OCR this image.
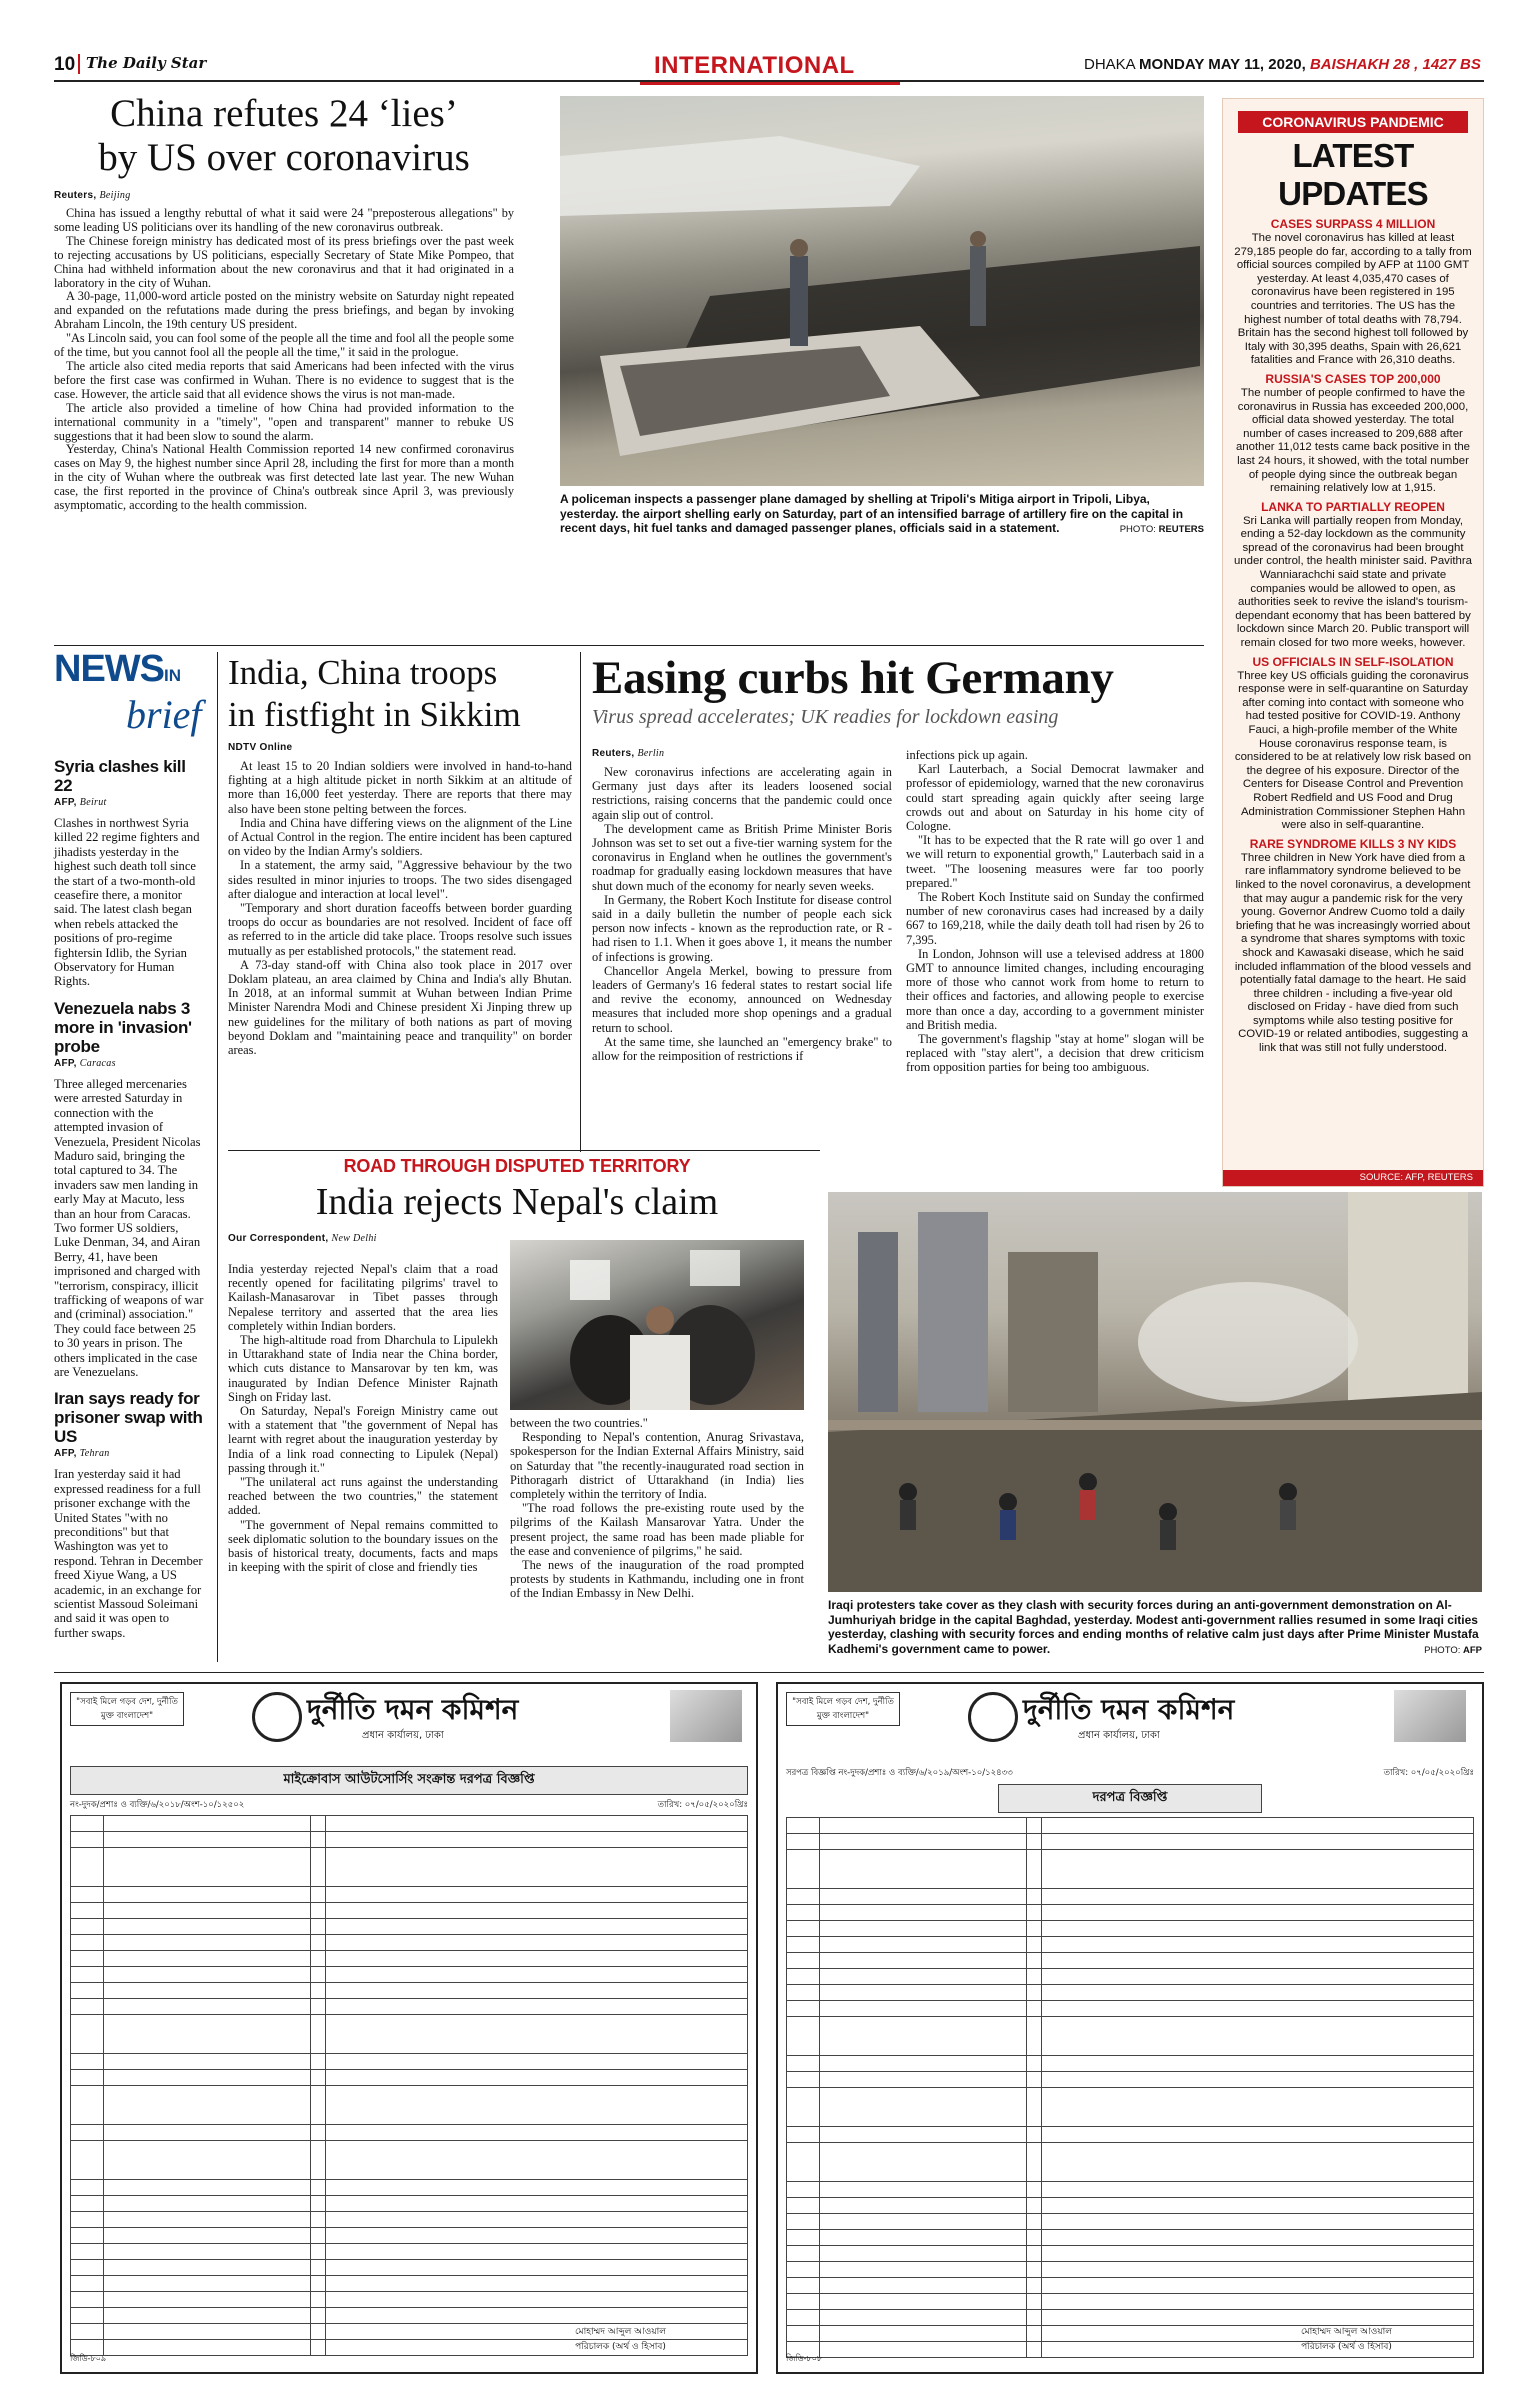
10 The Daily Star	INTERNATIONAL	DHAKA MONDAY MAY 11, 2020, BAISHAKH 28 , 1427 BS
China refutes 24 ‘lies’
by US over coronavirus
Reuters, Beijing

China has issued a lengthy rebuttal of what it said were 24 "preposterous allegations" by some leading US politicians over its handling of the new coronavirus outbreak.

The Chinese foreign ministry has dedicated most of its press briefings over the past week to rejecting accusations by US politicians, especially Secretary of State Mike Pompeo, that China had withheld information about the new coronavirus and that it had originated in a laboratory in the city of Wuhan.

A 30-page, 11,000-word article posted on the ministry website on Saturday night repeated and expanded on the refutations made during the press briefings, and began by invoking Abraham Lincoln, the 19th century US president.

"As Lincoln said, you can fool some of the people all the time and fool all the people some of the time, but you cannot fool all the people all the time," it said in the prologue.

The article also cited media reports that said Americans had been infected with the virus before the first case was confirmed in Wuhan. There is no evidence to suggest that is the case. However, the article said that all evidence shows the virus is not man-made.

The article also provided a timeline of how China had provided information to the international community in a "timely", "open and transparent" manner to rebuke US suggestions that it had been slow to sound the alarm.

Yesterday, China's National Health Commission reported 14 new confirmed coronavirus cases on May 9, the highest number since April 28, including the first for more than a month in the city of Wuhan where the outbreak was first detected late last year. The new Wuhan case, the first reported in the province of China's outbreak since April 3, was previously asymptomatic, according to the health commission.	A policeman inspects a passenger plane damaged by shelling at Tripoli's Mitiga airport in Tripoli, Libya, yesterday. the airport shelling early on Saturday, part of an intensified barrage of artillery fire on the capital in recent days, hit fuel tanks and damaged passenger planes, officials said in a statement.	PHOTO: REUTERS
CORONAVIRUS PANDEMIC
LATEST UPDATES
CASES SURPASS 4 MILLION

The novel coronavirus has killed at least 279,185 people do far, according to a tally from official sources compiled by AFP at 1100 GMT yesterday. At least 4,035,470 cases of coronavirus have been registered in 195 countries and territories. The US has the highest number of total deaths with 78,794. Britain has the second highest toll followed by Italy with 30,395 deaths, Spain with 26,621 fatalities and France with 26,310 deaths.

RUSSIA'S CASES TOP 200,000

The number of people confirmed to have the coronavirus in Russia has exceeded 200,000, official data showed yesterday. The total number of cases increased to 209,688 after another 11,012 tests came back positive in the last 24 hours, it showed, with the total number of people dying since the outbreak began remaining relatively low at 1,915.

LANKA TO PARTIALLY REOPEN

Sri Lanka will partially reopen from Monday, ending a 52-day lockdown as the community spread of the coronavirus had been brought under control, the health minister said. Pavithra Wanniarachchi said state and private companies would be allowed to open, as authorities seek to revive the island's tourism-dependant economy that has been battered by lockdown since March 20. Public transport will remain closed for two more weeks, however.

US OFFICIALS IN SELF-ISOLATION

Three key US officials guiding the coronavirus response were in self-quarantine on Saturday after coming into contact with someone who had tested positive for COVID-19. Anthony Fauci, a high-profile member of the White House coronavirus response team, is considered to be at relatively low risk based on the degree of his exposure. Director of the Centers for Disease Control and Prevention Robert Redfield and US Food and Drug Administration Commissioner Stephen Hahn were also in self-quarantine.

RARE SYNDROME KILLS 3 NY KIDS

Three children in New York have died from a rare inflammatory syndrome believed to be linked to the novel coronavirus, a development that may augur a pandemic risk for the very young. Governor Andrew Cuomo told a daily briefing that he was increasingly worried about a syndrome that shares symptoms with toxic shock and Kawasaki disease, which he said included inflammation of the blood vessels and potentially fatal damage to the heart. He said three children - including a five-year old disclosed on Friday - have died from such symptoms while also testing positive for COVID-19 or related antibodies, suggesting a link that was still not fully understood.

SOURCE: AFP, REUTERS
NEWSIN
brief
Syria clashes kill 22
AFP, Beirut

Clashes in northwest Syria killed 22 regime fighters and jihadists yesterday in the highest such death toll since the start of a two-month-old ceasefire there, a monitor said. The latest clash began when rebels attacked the positions of pro-regime fightersin Idlib, the Syrian Observatory for Human Rights.

Venezuela nabs 3 more in 'invasion' probe
AFP, Caracas

Three alleged mercenaries were arrested Saturday in connection with the attempted invasion of Venezuela, President Nicolas Maduro said, bringing the total captured to 34. The invaders saw men landing in early May at Macuto, less than an hour from Caracas. Two former US soldiers, Luke Denman, 34, and Airan Berry, 41, have been imprisoned and charged with "terrorism, conspiracy, illicit trafficking of weapons of war and (criminal) association." They could face between 25 to 30 years in prison. The others implicated in the case are Venezuelans.

Iran says ready for prisoner swap with US
AFP, Tehran

Iran yesterday said it had expressed readiness for a full prisoner exchange with the United States "with no preconditions" but that Washington was yet to respond. Tehran in December freed Xiyue Wang, a US academic, in an exchange for scientist Massoud Soleimani and said it was open to further swaps.

India, China troops
in fistfight in Sikkim
NDTV Online

At least 15 to 20 Indian soldiers were involved in hand-to-hand fighting at a high altitude picket in north Sikkim at an altitude of more than 16,000 feet yesterday. There are reports that there may also have been stone pelting between the forces.

India and China have differing views on the alignment of the Line of Actual Control in the region. The entire incident has been captured on video by the Indian Army's soldiers.

In a statement, the army said, "Aggressive behaviour by the two sides resulted in minor injuries to troops. The two sides disengaged after dialogue and interaction at local level".

"Temporary and short duration faceoffs between border guarding troops do occur as boundaries are not resolved. Incident of face off as referred to in the article did take place. Troops resolve such issues mutually as per established protocols," the statement read.

A 73-day stand-off with China also took place in 2017 over Doklam plateau, an area claimed by China and India's ally Bhutan. In 2018, at an informal summit at Wuhan between Indian Prime Minister Narendra Modi and Chinese president Xi Jinping threw up new guidelines for the military of both nations as part of moving beyond Doklam and "maintaining peace and tranquility" on border areas.

Easing curbs hit Germany
Virus spread accelerates; UK readies for lockdown easing
Reuters, Berlin

New coronavirus infections are accelerating again in Germany just days after its leaders loosened social restrictions, raising concerns that the pandemic could once again slip out of control.

The development came as British Prime Minister Boris Johnson was set to set out a five-tier warning system for the coronavirus in England when he outlines the government's roadmap for gradually easing lockdown measures that have shut down much of the economy for nearly seven weeks.

In Germany, the Robert Koch Institute for disease control said in a daily bulletin the number of people each sick person now infects - known as the reproduction rate, or R - had risen to 1.1. When it goes above 1, it means the number of infections is growing.

Chancellor Angela Merkel, bowing to pressure from leaders of Germany's 16 federal states to restart social life and revive the economy, announced on Wednesday measures that included more shop openings and a gradual return to school.

At the same time, she launched an "emergency brake" to allow for the reimposition of restrictions if

infections pick up again.

Karl Lauterbach, a Social Democrat lawmaker and professor of epidemiology, warned that the new coronavirus could start spreading again quickly after seeing large crowds out and about on Saturday in his home city of Cologne.

"It has to be expected that the R rate will go over 1 and we will return to exponential growth," Lauterbach said in a tweet. "The loosening measures were far too poorly prepared."

The Robert Koch Institute said on Sunday the confirmed number of new coronavirus cases had increased by a daily 667 to 169,218, while the daily death toll had risen by 26 to 7,395.

In London, Johnson will use a televised address at 1800 GMT to announce limited changes, including encouraging more of those who cannot work from home to return to their offices and factories, and allowing people to exercise more than once a day, according to a government minister and British media.

The government's flagship "stay at home" slogan will be replaced with "stay alert", a decision that drew criticism from opposition parties for being too ambiguous.

ROAD THROUGH DISPUTED TERRITORY
India rejects Nepal's claim
Our Correspondent, New Delhi

India yesterday rejected Nepal's claim that a road recently opened for facilitating pilgrims' travel to Kailash-Manasarovar in Tibet passes through Nepalese territory and asserted that the area lies completely within Indian borders.

The high-altitude road from Dharchula to Lipulekh in Uttarakhand state of India near the China border, which cuts distance to Mansarovar by ten km, was inaugurated by Indian Defence Minister Rajnath Singh on Friday last.

On Saturday, Nepal's Foreign Ministry came out with a statement that "the government of Nepal has learnt with regret about the inauguration yesterday by India of a link road connecting to Lipulek (Nepal) passing through it."

"The unilateral act runs against the understanding reached between the two countries," the statement added.

"The government of Nepal remains committed to seek diplomatic solution to the boundary issues on the basis of historical treaty, documents, facts and maps in keeping with the spirit of close and friendly ties

between the two countries."

Responding to Nepal's contention, Anurag Srivastava, spokesperson for the Indian External Affairs Ministry, said on Saturday that "the recently-inaugurated road section in Pithoragarh district of Uttarakhand (in India) lies completely within the territory of India.

"The road follows the pre-existing route used by the pilgrims of the Kailash Mansarovar Yatra. Under the present project, the same road has been made pliable for the ease and convenience of pilgrims," he said.

The news of the inauguration of the road prompted protests by students in Kathmandu, including one in front of the Indian Embassy in New Delhi.

Iraqi protesters take cover as they clash with security forces during an anti-government demonstration on Al-Jumhuriyah bridge in the capital Baghdad, yesterday. Modest anti-government rallies resumed in some Iraqi cities yesterday, clashing with security forces and ending months of relative calm just days after Prime Minister Mustafa Kadhemi's government came to power.	PHOTO: AFP
"সবাই মিলে গড়ব দেশ, দুর্নীতি মুক্ত বাংলাদেশ"	দুর্নীতি দমন কমিশন
প্রধান কার্যালয়, ঢাকা
মাইক্রোবাস আউটসোর্সিং সংক্রান্ত দরপত্র বিজ্ঞপ্তি
নং-দুদক/প্রশাঃ ও ব্যক্তি/৬/২০১৮/অংশ-১০/১২৫০২	তারিখ: ০৭/০৫/২০২০খ্রিঃ

মোহাম্মদ আব্দুল আওয়াল
পরিচালক (অর্থ ও হিসাব)
জিডি-৮০৯
"সবাই মিলে গড়ব দেশ, দুর্নীতি মুক্ত বাংলাদেশ"	দুর্নীতি দমন কমিশন
প্রধান কার্যালয়, ঢাকা
সরপত্র বিজ্ঞপ্তি নং-দুদক/প্রশাঃ ও ব্যক্তি/৬/২০১৯/অংশ-১০/১২৪৩৩	তারিখ: ০৭/০৫/২০২০খ্রিঃ
দরপত্র বিজ্ঞপ্তি

মোহাম্মদ আব্দুল আওয়াল
পরিচালক (অর্থ ও হিসাব)
জিডি-৮০৮
